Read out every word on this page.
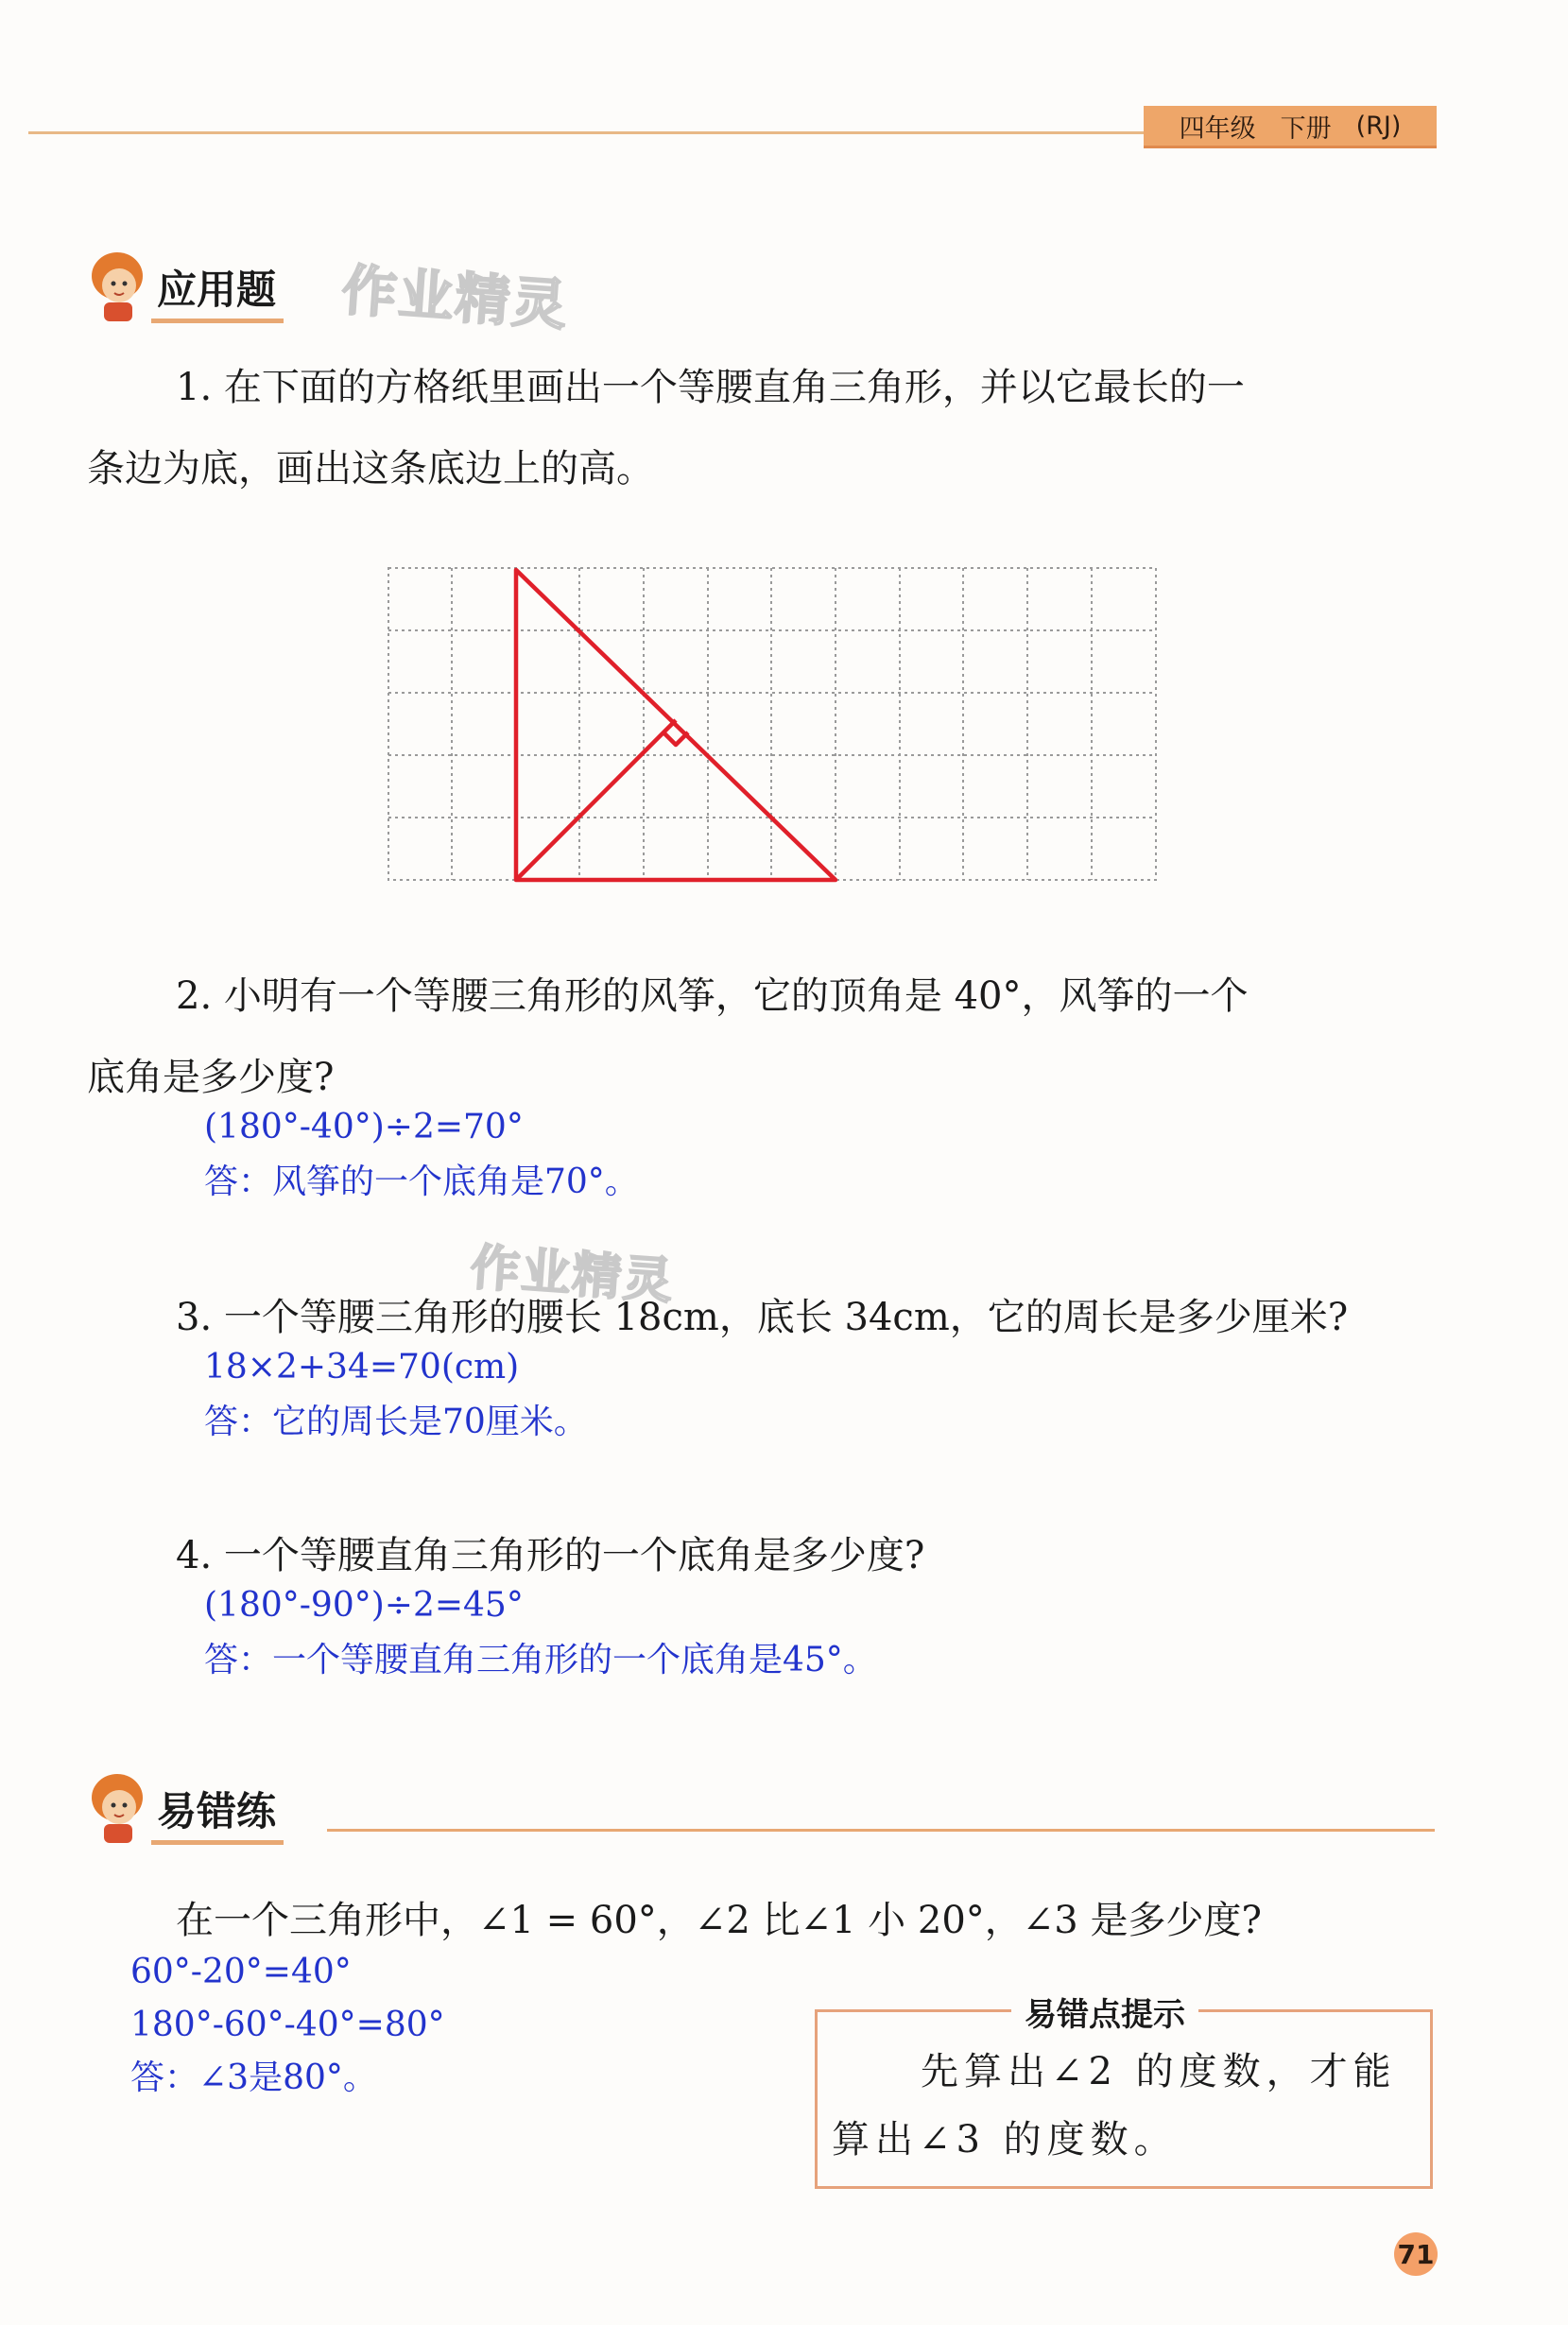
四年级 下册 (RJ)
应用题 作业精灵
1. 在下面的方格纸里画出一个等腰直角三角形，并以它最长的一
条边为底，画出这条底边上的高。
2. 小明有一个等腰三角形的风筝，它的顶角是 40°，风筝的一个
底角是多少度?
(180°-40°)÷2=70°
答：风筝的一个底角是70°。
作业精灵
3. 一个等腰三角形的腰长 18cm，底长 34cm，它的周长是多少厘米?
18×2+34=70(cm)
答：它的周长是70厘米。
4. 一个等腰直角三角形的一个底角是多少度?
(180°-90°)÷2=45°
答：一个等腰直角三角形的一个底角是45°。
易错练
在一个三角形中，∠1 = 60°，∠2 比∠1 小 20°，∠3 是多少度?
60°-20°=40°
180°-60°-40°=80°
答：∠3是80°。
易错点提示
先算出∠2 的度数，才能
算出∠3 的度数。
71
